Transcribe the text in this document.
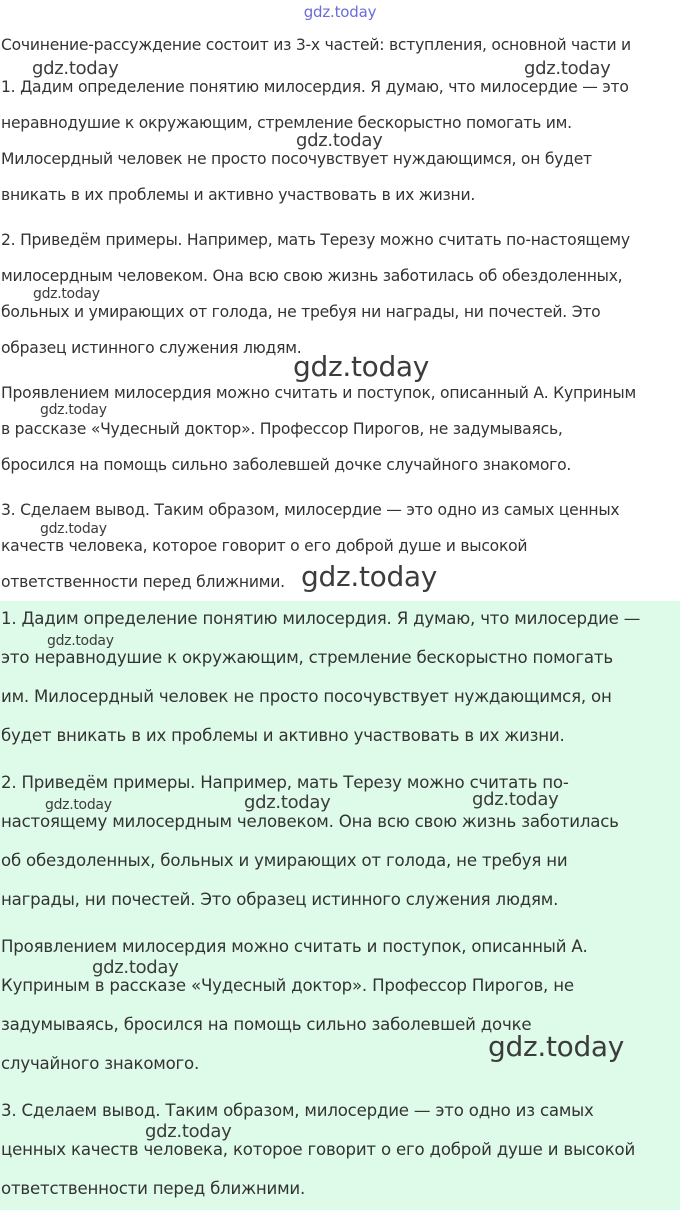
gdz.today

Сочинение-рассуждение состоит из 3-х частей: вступления, основной части и

1. Дадим определение понятию милосердия. Я думаю, что милосердие — это

неравнодушие к окружающим, стремление бескорыстно помогать им.

Милосердный человек не просто посочувствует нуждающимся, он будет

вникать в их проблемы и активно участвовать в их жизни.

2. Приведём примеры. Например, мать Терезу можно считать по-настоящему

милосердным человеком. Она всю свою жизнь заботилась об обездоленных,

больных и умирающих от голода, не требуя ни награды, ни почестей. Это

образец истинного служения людям.

Проявлением милосердия можно считать и поступок, описанный А. Куприным

в рассказе «Чудесный доктор». Профессор Пирогов, не задумываясь,

бросился на помощь сильно заболевшей дочке случайного знакомого.

3. Сделаем вывод. Таким образом, милосердие — это одно из самых ценных

качеств человека, которое говорит о его доброй душе и высокой

ответственности перед ближними.

1. Дадим определение понятию милосердия. Я думаю, что милосердие —

это неравнодушие к окружающим, стремление бескорыстно помогать

им. Милосердный человек не просто посочувствует нуждающимся, он

будет вникать в их проблемы и активно участвовать в их жизни.

2. Приведём примеры. Например, мать Терезу можно считать по-

настоящему милосердным человеком. Она всю свою жизнь заботилась

об обездоленных, больных и умирающих от голода, не требуя ни

награды, ни почестей. Это образец истинного служения людям.

Проявлением милосердия можно считать и поступок, описанный А.

Куприным в рассказе «Чудесный доктор». Профессор Пирогов, не

задумываясь, бросился на помощь сильно заболевшей дочке

случайного знакомого.

3. Сделаем вывод. Таким образом, милосердие — это одно из самых

ценных качеств человека, которое говорит о его доброй душе и высокой

ответственности перед ближними.

gdz.today	gdz.today
gdz.today
gdz.today
gdz.today
gdz.today
gdz.today
gdz.today
gdz.today
gdz.today	gdz.today	gdz.today
gdz.today
gdz.today
gdz.today
